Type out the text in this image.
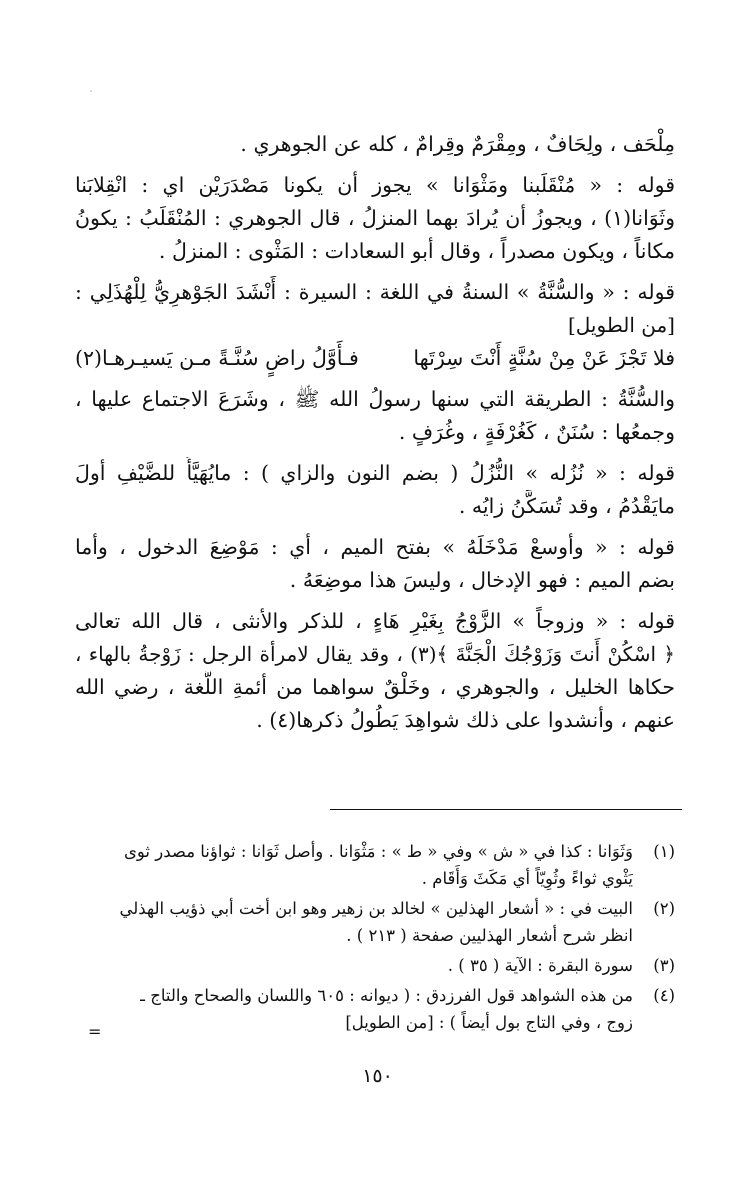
مِلْحَف ، ولِحَافٌ ، ومِقْرَمٌ وقِرامٌ ، كله عن الجوهري .
قوله : « مُنْقَلَبنا ومَثْوَانا » يجوز أن يكونا مَصْدَرَيْن اي : انْقِلابَنا
وثَوَانا(١) ، ويجوزُ أن يُرادَ بهما المنزلُ ، قال الجوهري : المُنْقَلَبُ : يكونُ
مكاناً ، ويكون مصدراً ، وقال أبو السعادات : المَثْوى : المنزلُ .
قوله : « والسُّنَّةُ » السنةُ في اللغة : السيرة : أَنْشَدَ الجَوْهرِيُّ لِلْهُذَلِي :
[من الطويل]
فلا تَجْزَ عَنْ مِنْ سُنَّةٍ أَنْتَ سِرْتَها
فـأَوَّلُ راضٍ سُنَّـةً مـن يَسيـرهـا(٢)
والسُّنَّةُ : الطريقة التي سنها رسولُ الله ﷺ ، وشَرَعَ الاجتماع عليها ،
وجمعُها : سُنَنٌ ، كَغُرْفَةٍ ، وغُرَفٍ .
قوله : « نُزُله » النُّزُلُ ( بضم النون والزاي ) : مايُهَيَّأُ للضَّيْفِ أولَ
مايَقْدُمُ ، وقد تُسَكَّنُ زايُه .
قوله : « وأوسعْ مَدْخَلَهُ » بفتح الميم ، أي : مَوْضِعَ الدخول ، وأما
بضم الميم : فهو الإدخال ، وليسَ هذا موضِعَهُ .
قوله : « وزوجاً » الزَّوْجُ بِغَيْرِ هَاءٍ ، للذكر والأنثى ، قال الله تعالى
﴿ اسْكُنْ أَنتَ وَزَوْجُكَ الْجَنَّةَ ﴾(٣) ، وقد يقال لامرأة الرجل : زَوْجةُ بالهاء ،
حكاها الخليل ، والجوهري ، وخَلْقٌ سواهما من أئمةِ اللُّغة ، رضي الله
عنهم ، وأنشدوا على ذلك شواهِدَ يَطُولُ ذكرها(٤) .
(١)
وَثَوَانا : كذا في « ش » وفي « ط » : مَثْوَانا . وأصل ثَوَانا : ثواؤنا مصدر ثوى
يَثْوي ثواءً وثُوِيّاً أي مَكَثَ وَأَقَام .
(٢)
البيت في : « أشعار الهذلين » لخالد بن زهير وهو ابن أخت أبي ذؤيب الهذلي
انظر شرح أشعار الهذليين صفحة ( ٢١٣ ) .
(٣)
سورة البقرة : الآية ( ٣٥ ) .
(٤)
من هذه الشواهد قول الفرزدق : ( ديوانه : ٦٠٥ واللسان والصحاح والتاج ـ
زوج ، وفي التاج بول أيضاً ) : [من الطويل]
=
١٥٠
